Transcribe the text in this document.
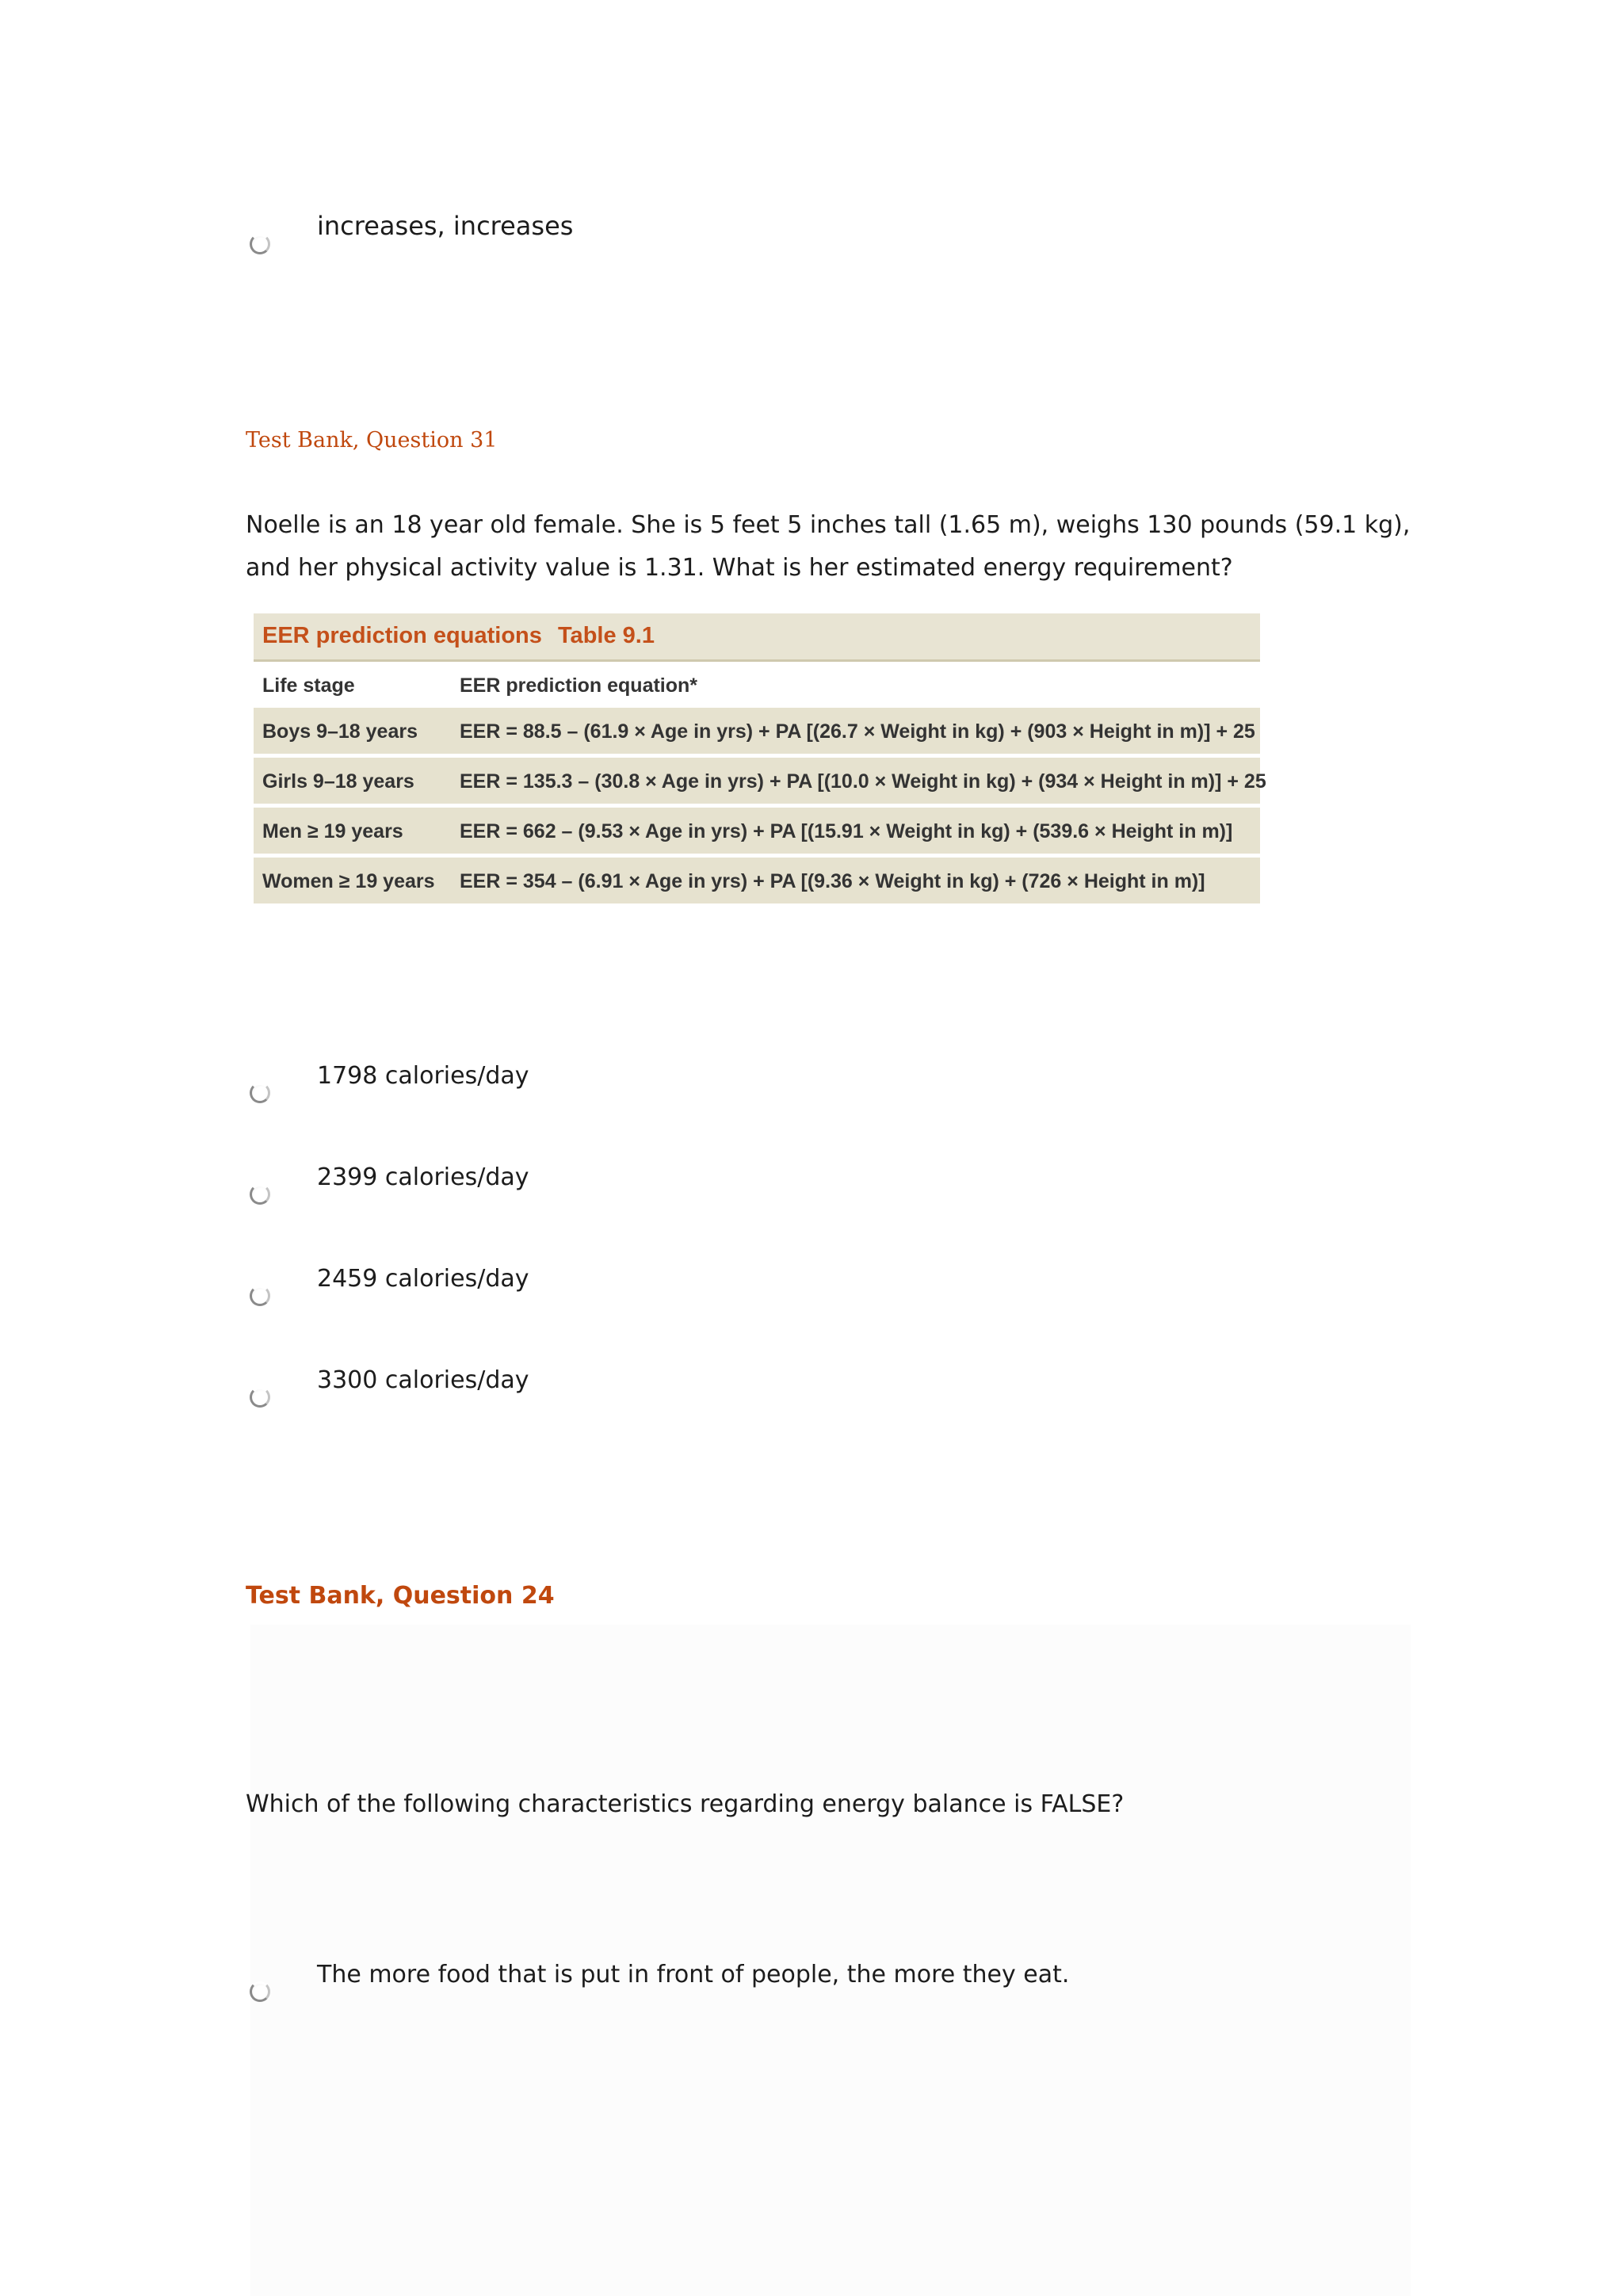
increases, increases
Test Bank, Question 31
Noelle is an 18 year old female. She is 5 feet 5 inches tall (1.65 m), weighs 130 pounds (59.1 kg), and her physical activity value is 1.31. What is her estimated energy requirement?
EER prediction equations Table 9.1
Life stage	EER prediction equation*
Boys 9–18 years EER = 88.5 – (61.9 × Age in yrs) + PA [(26.7 × Weight in kg) + (903 × Height in m)] + 25
Girls 9–18 years EER = 135.3 – (30.8 × Age in yrs) + PA [(10.0 × Weight in kg) + (934 × Height in m)] + 25
Men ≥ 19 years	EER = 662 – (9.53 × Age in yrs) + PA [(15.91 × Weight in kg) + (539.6 × Height in m)]
Women ≥ 19 years EER = 354 – (6.91 × Age in yrs) + PA [(9.36 × Weight in kg) + (726 × Height in m)]
1798 calories/day
2399 calories/day
2459 calories/day
3300 calories/day
Test Bank, Question 24
Which of the following characteristics regarding energy balance is FALSE?
The more food that is put in front of people, the more they eat.
